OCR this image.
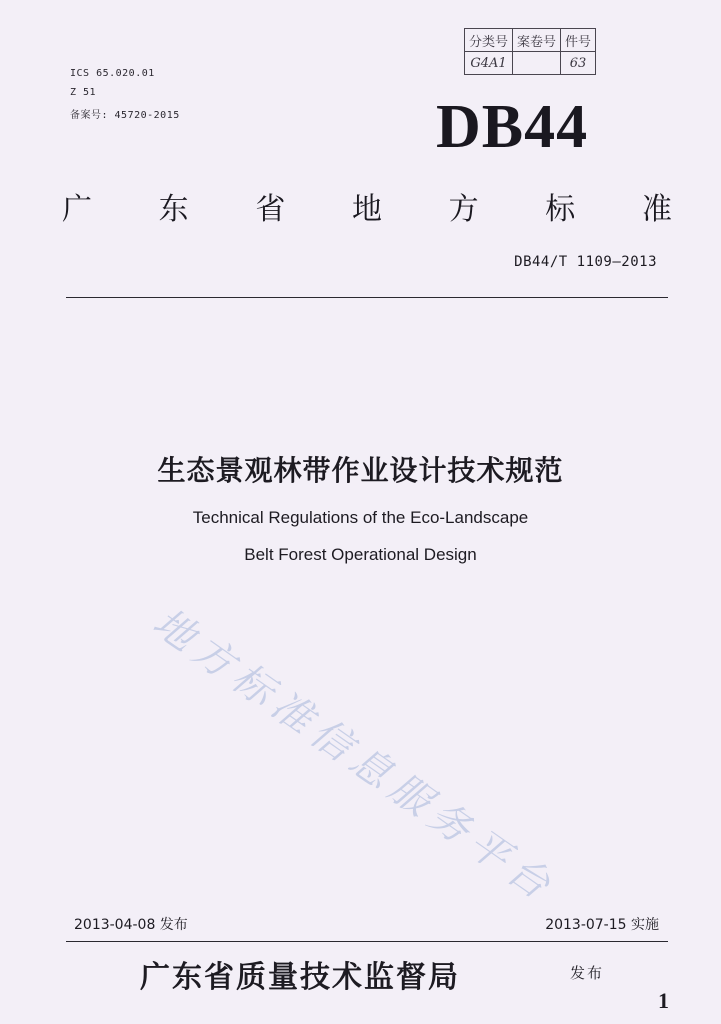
分类号	案卷号	件号
G4A1		63
ICS 65.020.01
Z 51
备案号: 45720-2015	DB44
广 东 省 地 方 标 准
DB44/T 1109—2013
生态景观林带作业设计技术规范
Technical Regulations of the Eco-Landscape
Belt Forest Operational Design
地方标准信息服务平台
2013-04-08 发布	2013-07-15 实施
广东省质量技术监督局	发布
1
